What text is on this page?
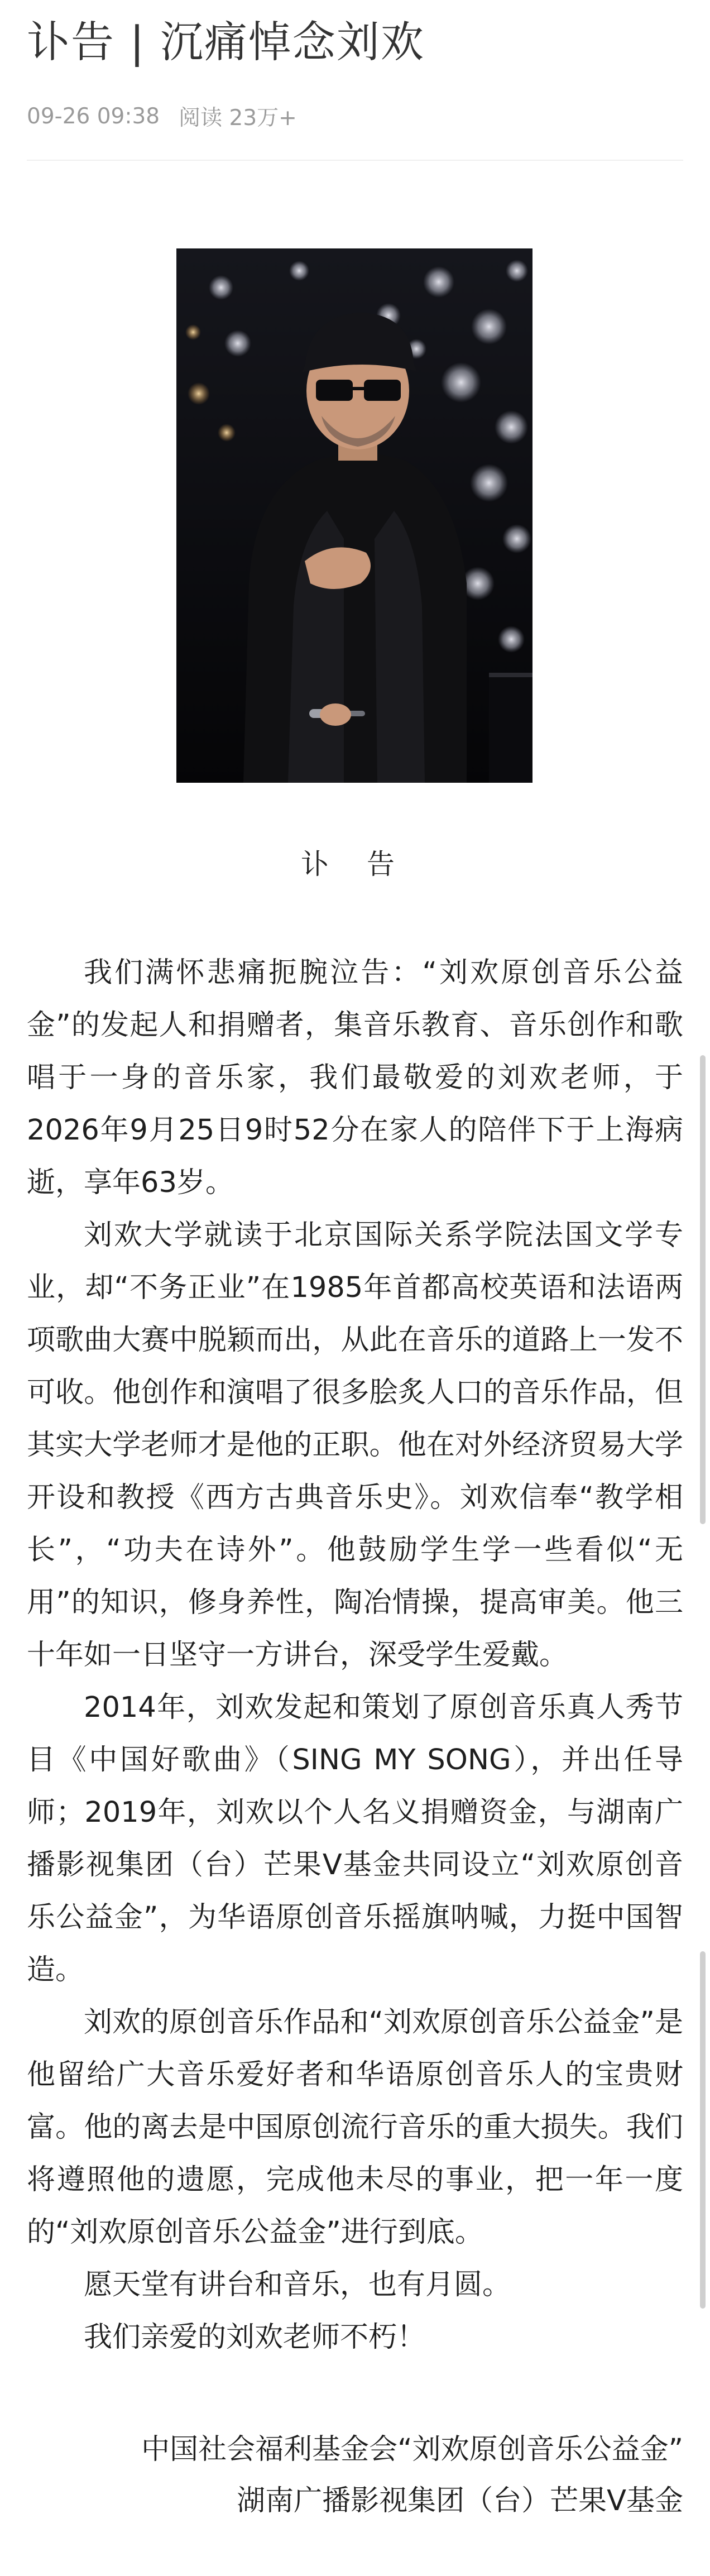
讣告 | 沉痛悼念刘欢
09-26 09:38 阅读 23万+
讣 告

我们满怀悲痛扼腕泣告：“刘欢原创音乐公益金”的发起人和捐赠者，集音乐教育、音乐创作和歌唱于一身的音乐家，我们最敬爱的刘欢老师，于2026年9月25日9时52分在家人的陪伴下于上海病逝，享年63岁。

刘欢大学就读于北京国际关系学院法国文学专业，却“不务正业”在1985年首都高校英语和法语两项歌曲大赛中脱颖而出，从此在音乐的道路上一发不可收。他创作和演唱了很多脍炙人口的音乐作品，但其实大学老师才是他的正职。他在对外经济贸易大学开设和教授《西方古典音乐史》。刘欢信奉“教学相长”，“功夫在诗外”。他鼓励学生学一些看似“无用”的知识，修身养性，陶冶情操，提高审美。他三十年如一日坚守一方讲台，深受学生爱戴。

2014年，刘欢发起和策划了原创音乐真人秀节目《中国好歌曲》（SING MY SONG），并出任导师；2019年，刘欢以个人名义捐赠资金，与湖南广播影视集团（台）芒果V基金共同设立“刘欢原创音乐公益金”，为华语原创音乐摇旗呐喊，力挺中国智造。

刘欢的原创音乐作品和“刘欢原创音乐公益金”是他留给广大音乐爱好者和华语原创音乐人的宝贵财富。他的离去是中国原创流行音乐的重大损失。我们将遵照他的遗愿，完成他未尽的事业，把一年一度的“刘欢原创音乐公益金”进行到底。

愿天堂有讲台和音乐，也有月圆。

我们亲爱的刘欢老师不朽！

中国社会福利基金会“刘欢原创音乐公益金”
湖南广播影视集团（台）芒果V基金
